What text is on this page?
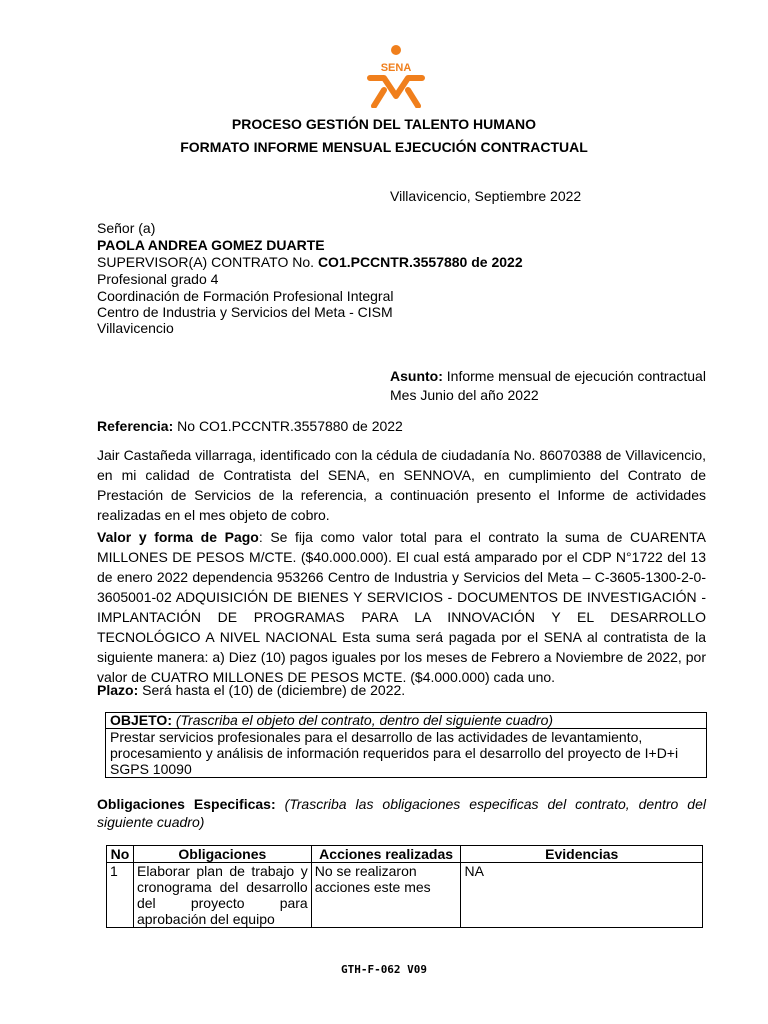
SENA
PROCESO GESTIÓN DEL TALENTO HUMANO
FORMATO INFORME MENSUAL EJECUCIÓN CONTRACTUAL
Villavicencio, Septiembre 2022
Señor (a)
PAOLA ANDREA GOMEZ DUARTE
SUPERVISOR(A) CONTRATO No. CO1.PCCNTR.3557880 de 2022
Profesional grado 4
Coordinación de Formación Profesional Integral
Centro de Industria y Servicios del Meta - CISM
Villavicencio
Asunto: Informe mensual de ejecución contractual
Mes Junio del año 2022
Referencia: No CO1.PCCNTR.3557880 de 2022
Jair Castañeda villarraga, identificado con la cédula de ciudadanía No. 86070388 de Villavicencio, en mi calidad de Contratista del SENA, en SENNOVA, en cumplimiento del Contrato de Prestación de Servicios de la referencia, a continuación presento el Informe de actividades realizadas en el mes objeto de cobro.
Valor y forma de Pago: Se fija como valor total para el contrato la suma de CUARENTA MILLONES DE PESOS M/CTE. ($40.000.000). El cual está amparado por el CDP N°1722 del 13 de enero 2022 dependencia 953266 Centro de Industria y Servicios del Meta – C-3605-1300-2-0-3605001-02 ADQUISICIÓN DE BIENES Y SERVICIOS - DOCUMENTOS DE INVESTIGACIÓN - IMPLANTACIÓN DE PROGRAMAS PARA LA INNOVACIÓN Y EL DESARROLLO TECNOLÓGICO A NIVEL NACIONAL Esta suma será pagada por el SENA al contratista de la siguiente manera: a) Diez (10) pagos iguales por los meses de Febrero a Noviembre de 2022, por valor de CUATRO MILLONES DE PESOS MCTE. ($4.000.000) cada uno.
Plazo: Será hasta el (10) de (diciembre) de 2022.
OBJETO: (Trascriba el objeto del contrato, dentro del siguiente cuadro)
Prestar servicios profesionales para el desarrollo de las actividades de levantamiento, procesamiento y análisis de información requeridos para el desarrollo del proyecto de I+D+i SGPS 10090
Obligaciones Especificas: (Trascriba las obligaciones especificas del contrato, dentro del siguiente cuadro)
No	Obligaciones	Acciones realizadas	Evidencias
1	Elaborar plan de trabajo y cronograma del desarrollo del proyecto para aprobación del equipo	No se realizaron acciones este mes	NA
GTH-F-062 V09
